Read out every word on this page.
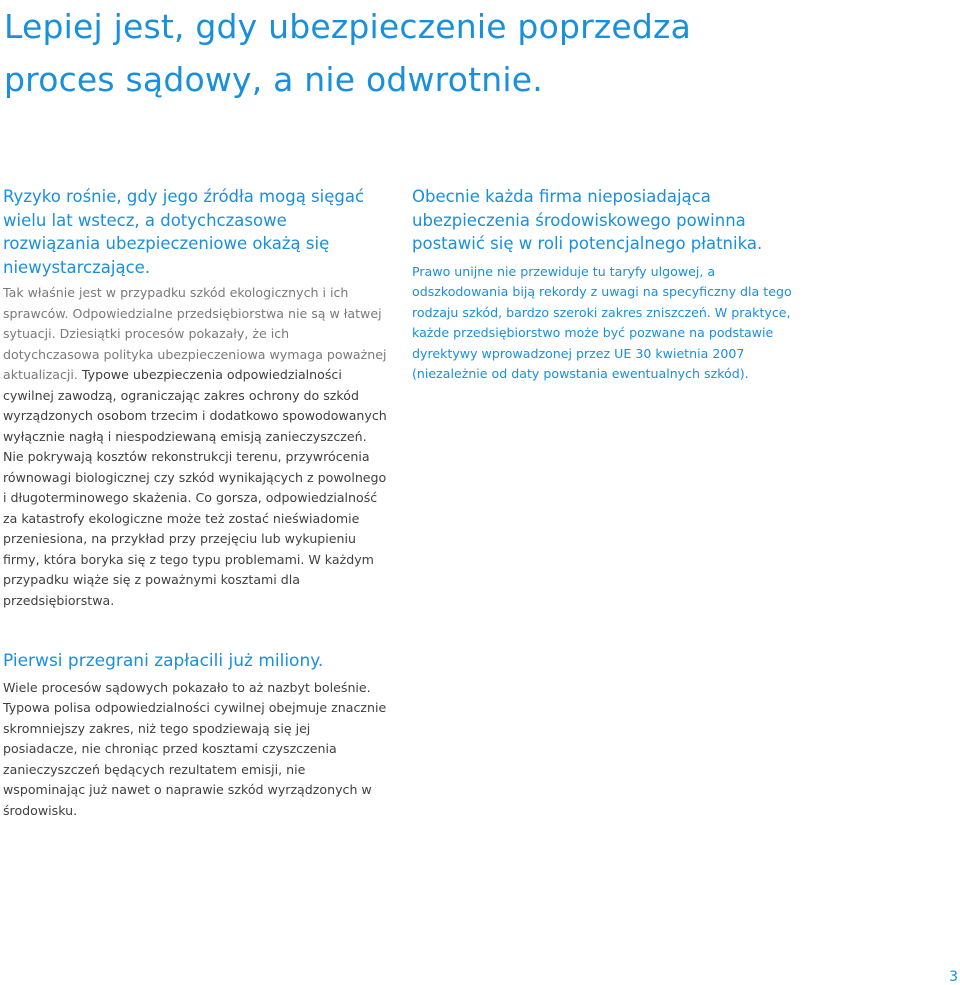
Lepiej jest, gdy ubezpieczenie poprzedza proces sądowy, a nie odwrotnie.

Ryzyko rośnie, gdy jego źródła mogą sięgać wielu lat wstecz, a dotychczasowe rozwiązania ubezpieczeniowe okażą się niewystarczające.

Tak właśnie jest w przypadku szkód ekologicznych i ich sprawców. Odpowiedzialne przedsiębiorstwa nie są w łatwej sytuacji. Dziesiątki procesów pokazały, że ich dotychczasowa polityka ubezpieczeniowa wymaga poważnej aktualizacji. Typowe ubezpieczenia odpowiedzialności cywilnej zawodzą, ograniczając zakres ochrony do szkód wyrządzonych osobom trzecim i dodatkowo spowodowanych wyłącznie nagłą i niespodziewaną emisją zanieczyszczeń. Nie pokrywają kosztów rekonstrukcji terenu, przywrócenia równowagi biologicznej czy szkód wynikających z powolnego i długoterminowego skażenia. Co gorsza, odpowiedzialność za katastrofy ekologiczne może też zostać nieświadomie przeniesiona, na przykład przy przejęciu lub wykupieniu firmy, która boryka się z tego typu problemami. W każdym przypadku wiąże się z poważnymi kosztami dla przedsiębiorstwa.

Obecnie każda firma nieposiadająca ubezpieczenia środowiskowego powinna postawić się w roli potencjalnego płatnika.

Prawo unijne nie przewiduje tu taryfy ulgowej, a odszkodowania biją rekordy z uwagi na specyficzny dla tego rodzaju szkód, bardzo szeroki zakres zniszczeń. W praktyce, każde przedsiębiorstwo może być pozwane na podstawie dyrektywy wprowadzonej przez UE 30 kwietnia 2007 (niezależnie od daty powstania ewentualnych szkód).

Pierwsi przegrani zapłacili już miliony.

Wiele procesów sądowych pokazało to aż nazbyt boleśnie. Typowa polisa odpowiedzialności cywilnej obejmuje znacznie skromniejszy zakres, niż tego spodziewają się jej posiadacze, nie chroniąc przed kosztami czyszczenia zanieczyszczeń będących rezultatem emisji, nie wspominając już nawet o naprawie szkód wyrządzonych w środowisku.

3
